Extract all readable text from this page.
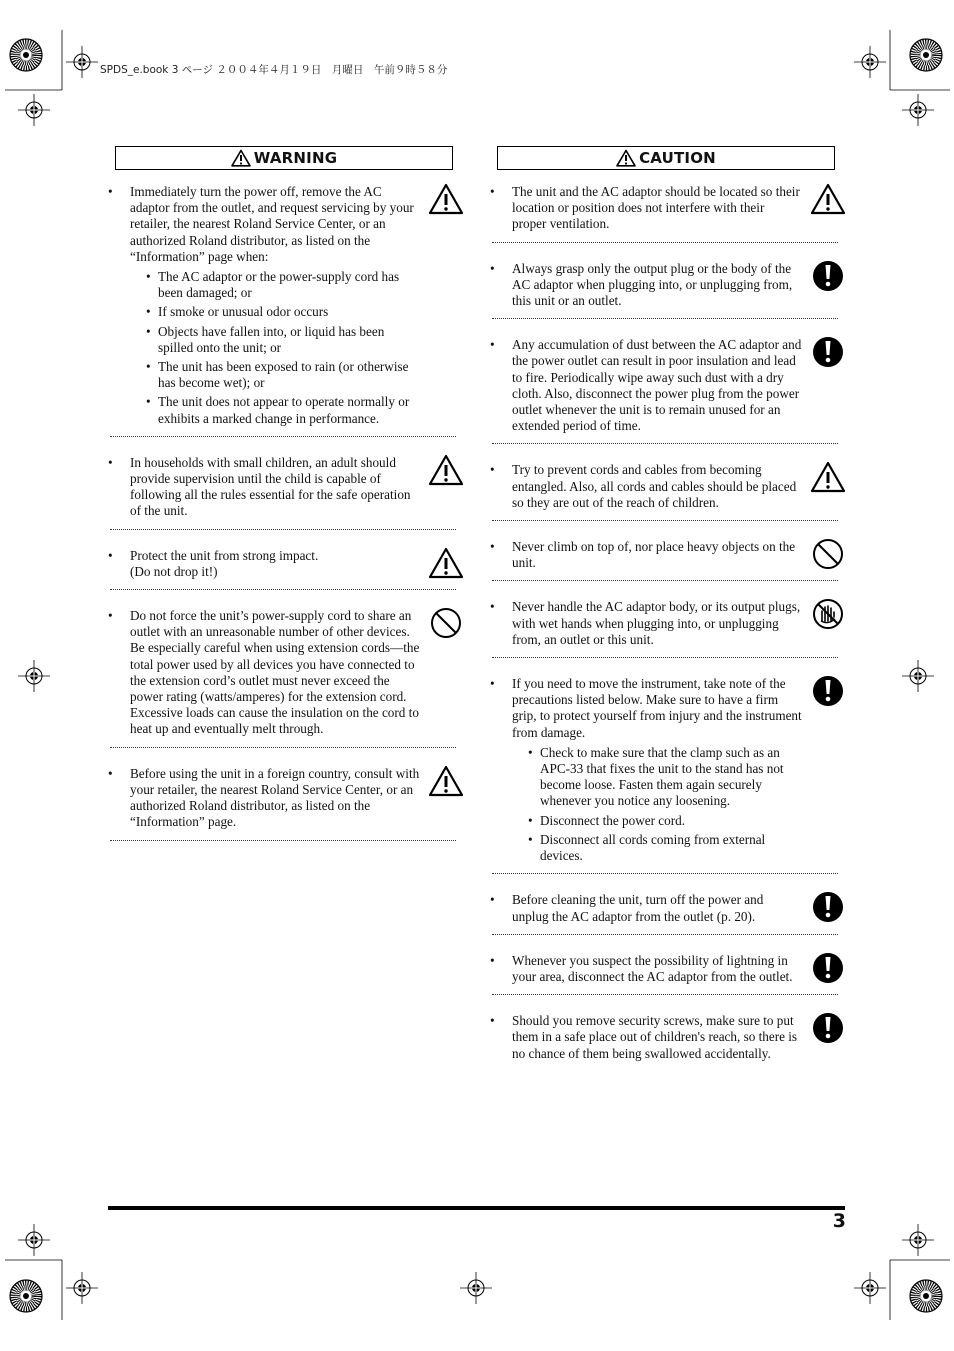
SPDS_e.book 3 ページ ２００４年４月１９日　月曜日　午前９時５８分
WARNING
• Immediately turn the power off, remove the AC adaptor from the outlet, and request servicing by your retailer, the nearest Roland Service Center, or an authorized Roland distributor, as listed on the “Information” page when:
• The AC adaptor or the power-supply cord has been damaged; or
• If smoke or unusual odor occurs
• Objects have fallen into, or liquid has been spilled onto the unit; or
• The unit has been exposed to rain (or otherwise has become wet); or
• The unit does not appear to operate normally or exhibits a marked change in performance.
• In households with small children, an adult should provide supervision until the child is capable of following all the rules essential for the safe operation of the unit.
• Protect the unit from strong impact.
(Do not drop it!)
• Do not force the unit’s power-supply cord to share an outlet with an unreasonable number of other devices. Be especially careful when using extension cords—the total power used by all devices you have connected to the extension cord’s outlet must never exceed the power rating (watts/amperes) for the extension cord. Excessive loads can cause the insulation on the cord to heat up and eventually melt through.
• Before using the unit in a foreign country, consult with your retailer, the nearest Roland Service Center, or an authorized Roland distributor, as listed on the “Information” page.
CAUTION
• The unit and the AC adaptor should be located so their location or position does not interfere with their proper ventilation.
• Always grasp only the output plug or the body of the AC adaptor when plugging into, or unplugging from, this unit or an outlet.
• Any accumulation of dust between the AC adaptor and the power outlet can result in poor insulation and lead to fire. Periodically wipe away such dust with a dry cloth. Also, disconnect the power plug from the power outlet whenever the unit is to remain unused for an extended period of time.
• Try to prevent cords and cables from becoming entangled. Also, all cords and cables should be placed so they are out of the reach of children.
• Never climb on top of, nor place heavy objects on the unit.
• Never handle the AC adaptor body, or its output plugs, with wet hands when plugging into, or unplugging from, an outlet or this unit.
• If you need to move the instrument, take note of the precautions listed below. Make sure to have a firm grip, to protect yourself from injury and the instrument from damage.
• Check to make sure that the clamp such as an APC-33 that fixes the unit to the stand has not become loose. Fasten them again securely whenever you notice any loosening.
• Disconnect the power cord.
• Disconnect all cords coming from external devices.
• Before cleaning the unit, turn off the power and unplug the AC adaptor from the outlet (p. 20).
• Whenever you suspect the possibility of lightning in your area, disconnect the AC adaptor from the outlet.
• Should you remove security screws, make sure to put them in a safe place out of children's reach, so there is no chance of them being swallowed accidentally.
3
